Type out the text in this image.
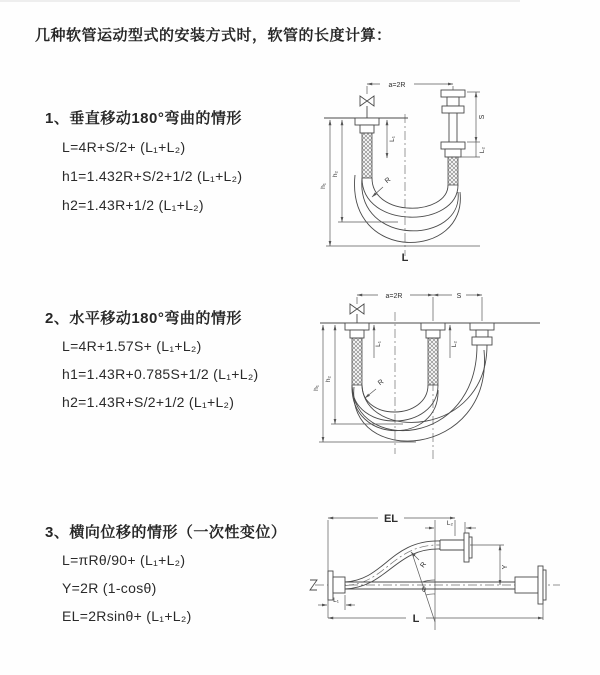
几种软管运动型式的安装方式时，软管的长度计算：
1、垂直移动180°弯曲的情形
L=4R+S/2+ (L₁+L₂)
h1=1.432R+S/2+1/2 (L₁+L₂)
h2=1.43R+1/2 (L₁+L₂)
2、水平移动180°弯曲的情形
L=4R+1.57S+ (L₁+L₂)
h1=1.43R+0.785S+1/2 (L₁+L₂)
h2=1.43R+S/2+1/2 (L₁+L₂)
3、横向位移的情形（一次性变位）
L=πRθ/90+ (L₁+L₂)
Y=2R (1-cosθ)
EL=2Rsinθ+ (L₁+L₂)
a=2R
L₁
S
L₂
h₁
h₂
R
L
a=2R	S
L₁	L₂
h₁
h₂	R
EL	L₂
R
θ
Y
L
L₁
